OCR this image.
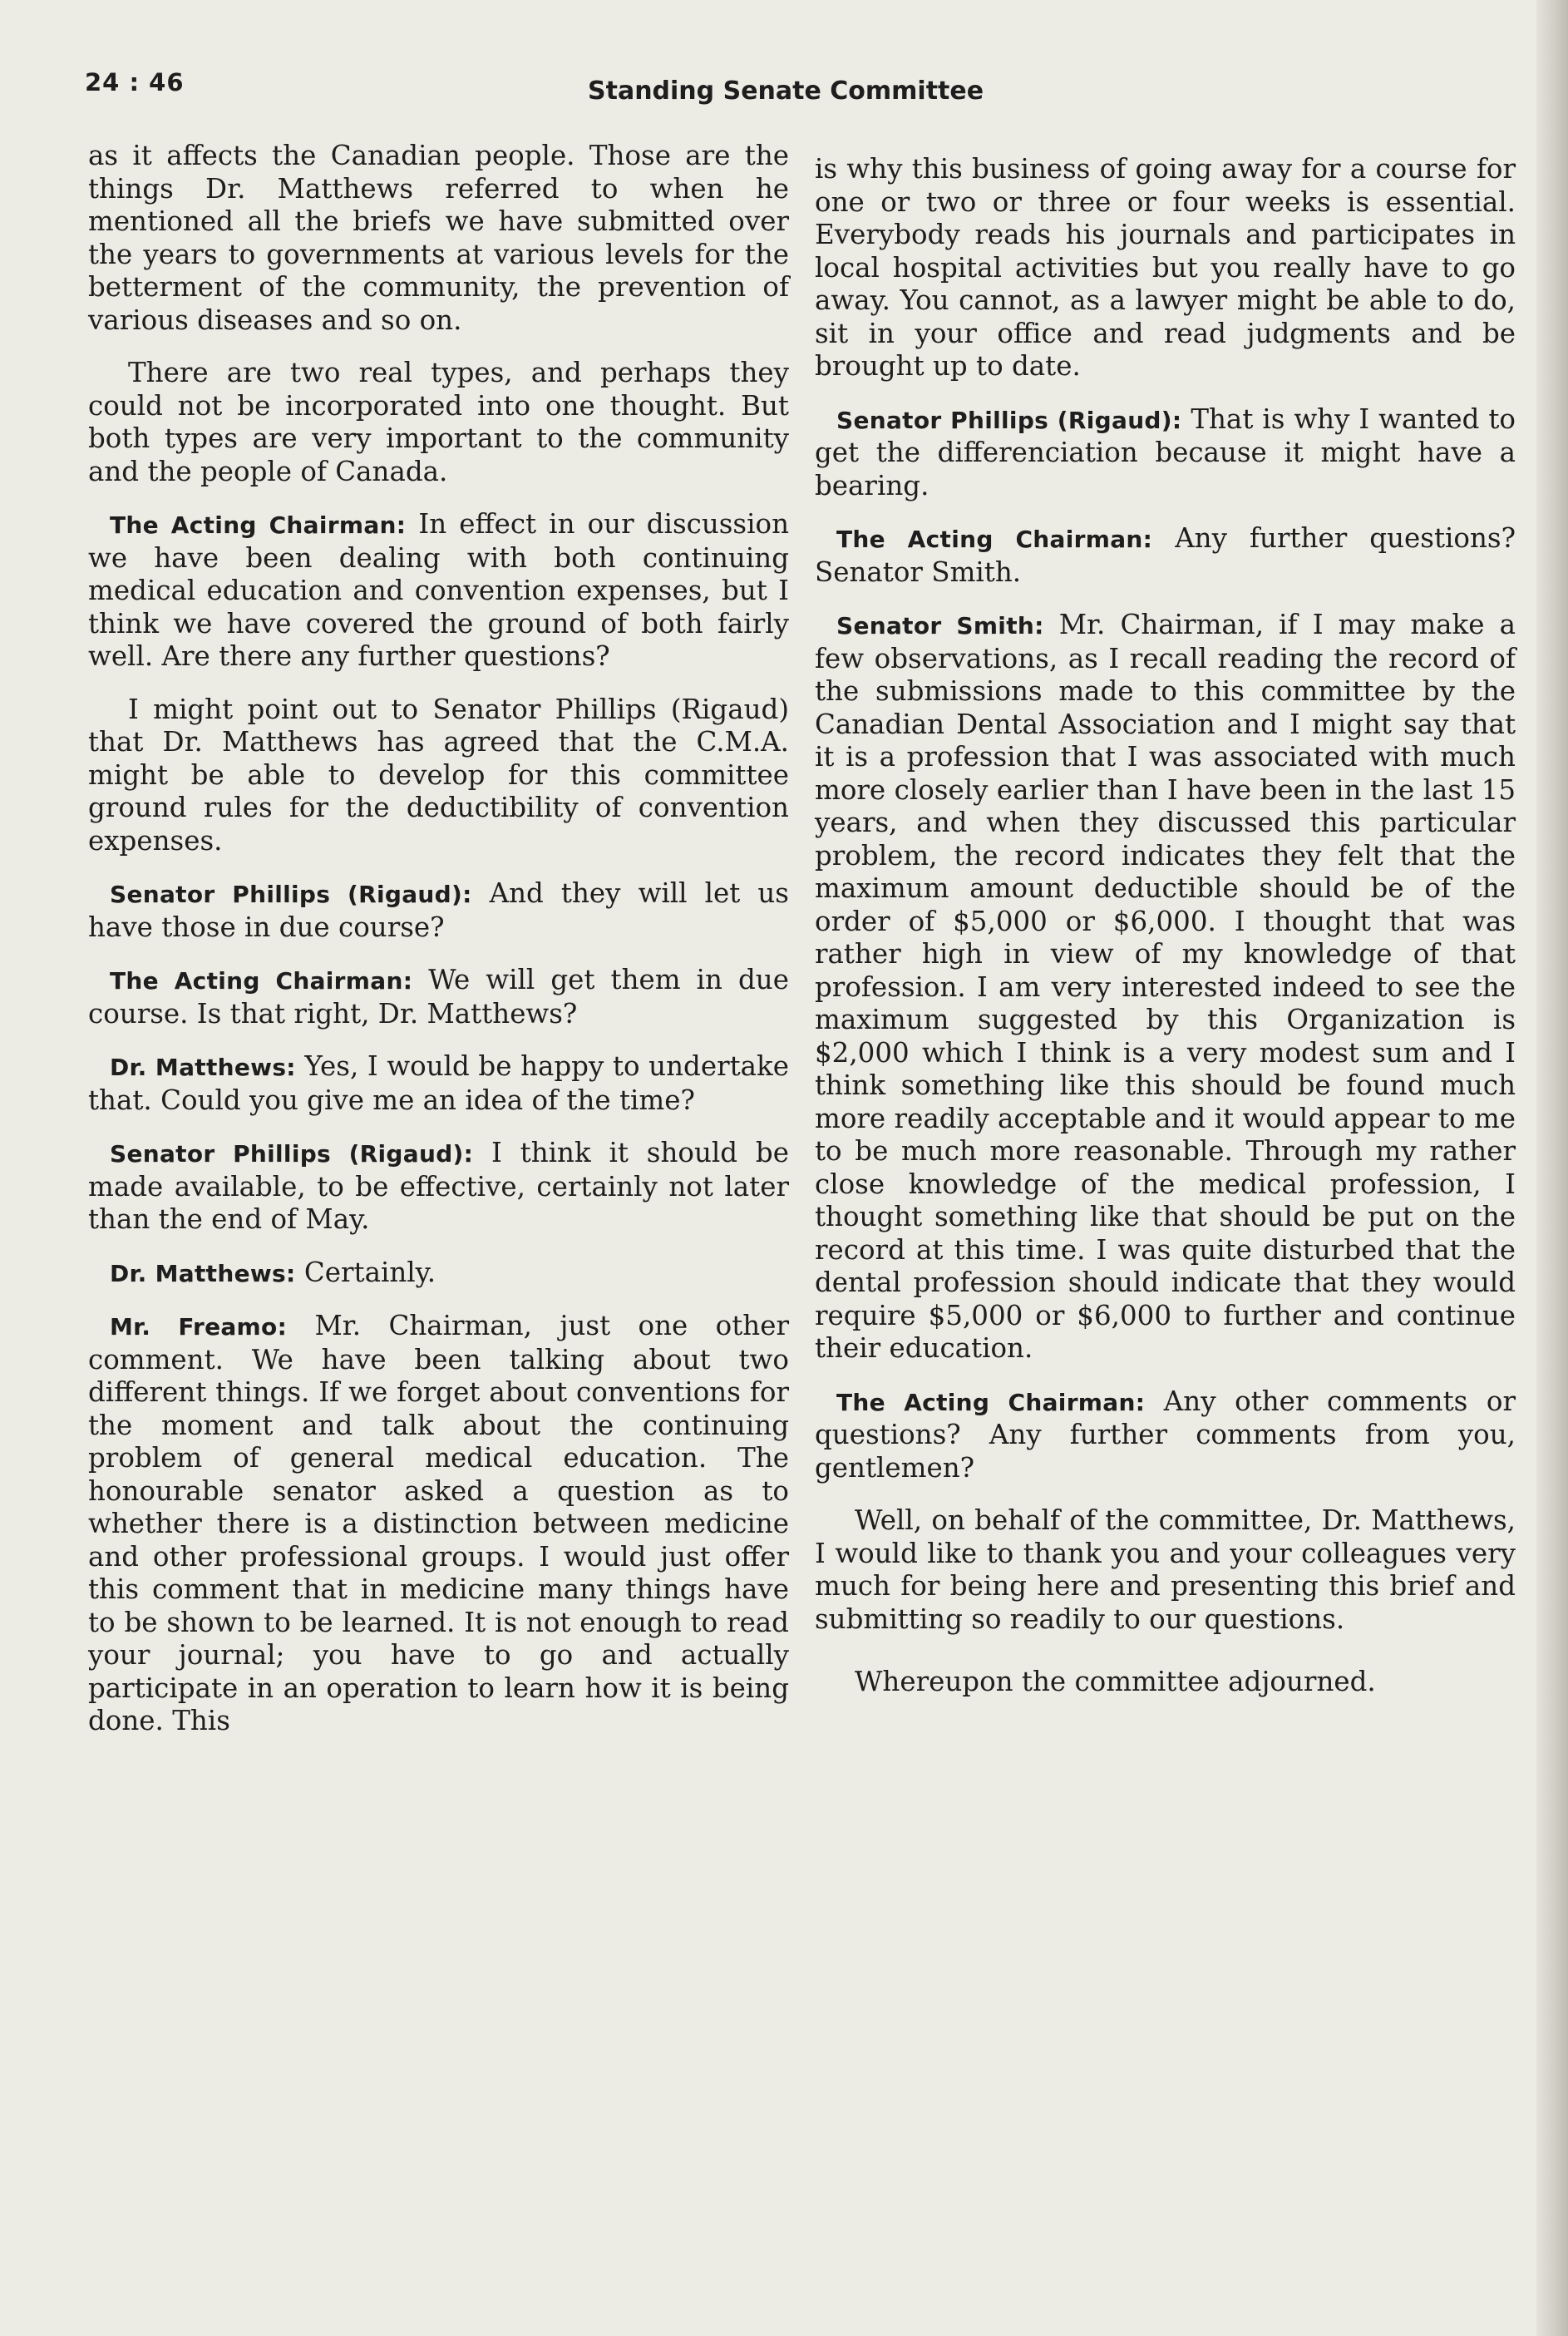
24 : 46	Standing Senate Committee

as it affects the Canadian people. Those are the things Dr. Matthews referred to when he mentioned all the briefs we have submitted over the years to governments at various levels for the betterment of the community, the prevention of various diseases and so on.

There are two real types, and perhaps they could not be incorporated into one thought. But both types are very important to the community and the people of Canada.

The Acting Chairman: In effect in our discussion we have been dealing with both continuing medical education and convention expenses, but I think we have covered the ground of both fairly well. Are there any further questions?

I might point out to Senator Phillips (Rigaud) that Dr. Matthews has agreed that the C.M.A. might be able to develop for this committee ground rules for the deductibility of convention expenses.

Senator Phillips (Rigaud): And they will let us have those in due course?

The Acting Chairman: We will get them in due course. Is that right, Dr. Matthews?

Dr. Matthews: Yes, I would be happy to undertake that. Could you give me an idea of the time?

Senator Phillips (Rigaud): I think it should be made available, to be effective, certainly not later than the end of May.

Dr. Matthews: Certainly.

Mr. Freamo: Mr. Chairman, just one other comment. We have been talking about two different things. If we forget about conventions for the moment and talk about the continuing problem of general medical education. The honourable senator asked a question as to whether there is a distinction between medicine and other professional groups. I would just offer this comment that in medicine many things have to be shown to be learned. It is not enough to read your journal; you have to go and actually participate in an operation to learn how it is being done. This

is why this business of going away for a course for one or two or three or four weeks is essential. Everybody reads his journals and participates in local hospital activities but you really have to go away. You cannot, as a lawyer might be able to do, sit in your office and read judgments and be brought up to date.

Senator Phillips (Rigaud): That is why I wanted to get the differenciation because it might have a bearing.

The Acting Chairman: Any further questions? Senator Smith.

Senator Smith: Mr. Chairman, if I may make a few observations, as I recall reading the record of the submissions made to this committee by the Canadian Dental Association and I might say that it is a profession that I was associated with much more closely earlier than I have been in the last 15 years, and when they discussed this particular problem, the record indicates they felt that the maximum amount deductible should be of the order of $5,000 or $6,000. I thought that was rather high in view of my knowledge of that profession. I am very interested indeed to see the maximum suggested by this Organization is $2,000 which I think is a very modest sum and I think something like this should be found much more readily acceptable and it would appear to me to be much more reasonable. Through my rather close knowledge of the medical profession, I thought something like that should be put on the record at this time. I was quite disturbed that the dental profession should indicate that they would require $5,000 or $6,000 to further and continue their education.

The Acting Chairman: Any other comments or questions? Any further comments from you, gentlemen?

Well, on behalf of the committee, Dr. Matthews, I would like to thank you and your colleagues very much for being here and presenting this brief and submitting so readily to our questions.

Whereupon the committee adjourned.
